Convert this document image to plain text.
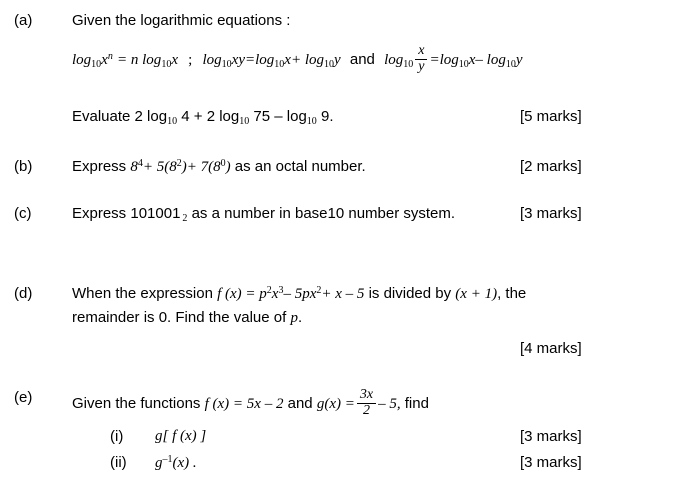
(a)	Given the logarithmic equations :
$\log_{10}x^n = n$ $\log_{10}x$ ; $\log_{10}xy=\log_{10}x+ \log_{10}y$ and $\log_{10} \frac{x}{y} =\log_{10}x-$ $\log_{10}y$
Evaluate 2 $\log_{10} 4 + 2$ $\log_{10} 75 - \log_{10} 9$.	[5 marks]
(b)	Express $8^4+ 5(8^2)+ 7(8^0)$ as an octal number.	[2 marks]
(c)	Express 101001 $_2$ as a number in base10 number system.	[3 marks]
(d)	When the expression f $(x) = p^2x^3-$ $5px^2+ x - 5$ is divided by (x + 1), the
remainder is 0. Find the value of p.
[4 marks]
(e)	Given the functions f (x) = 5x – 2 and $g(x) = \frac{3x}{2} - 5$, find
(i) g[ f (x) ]	[3 marks]
(ii) $g^{-1}(x)$ .	[3 marks]
